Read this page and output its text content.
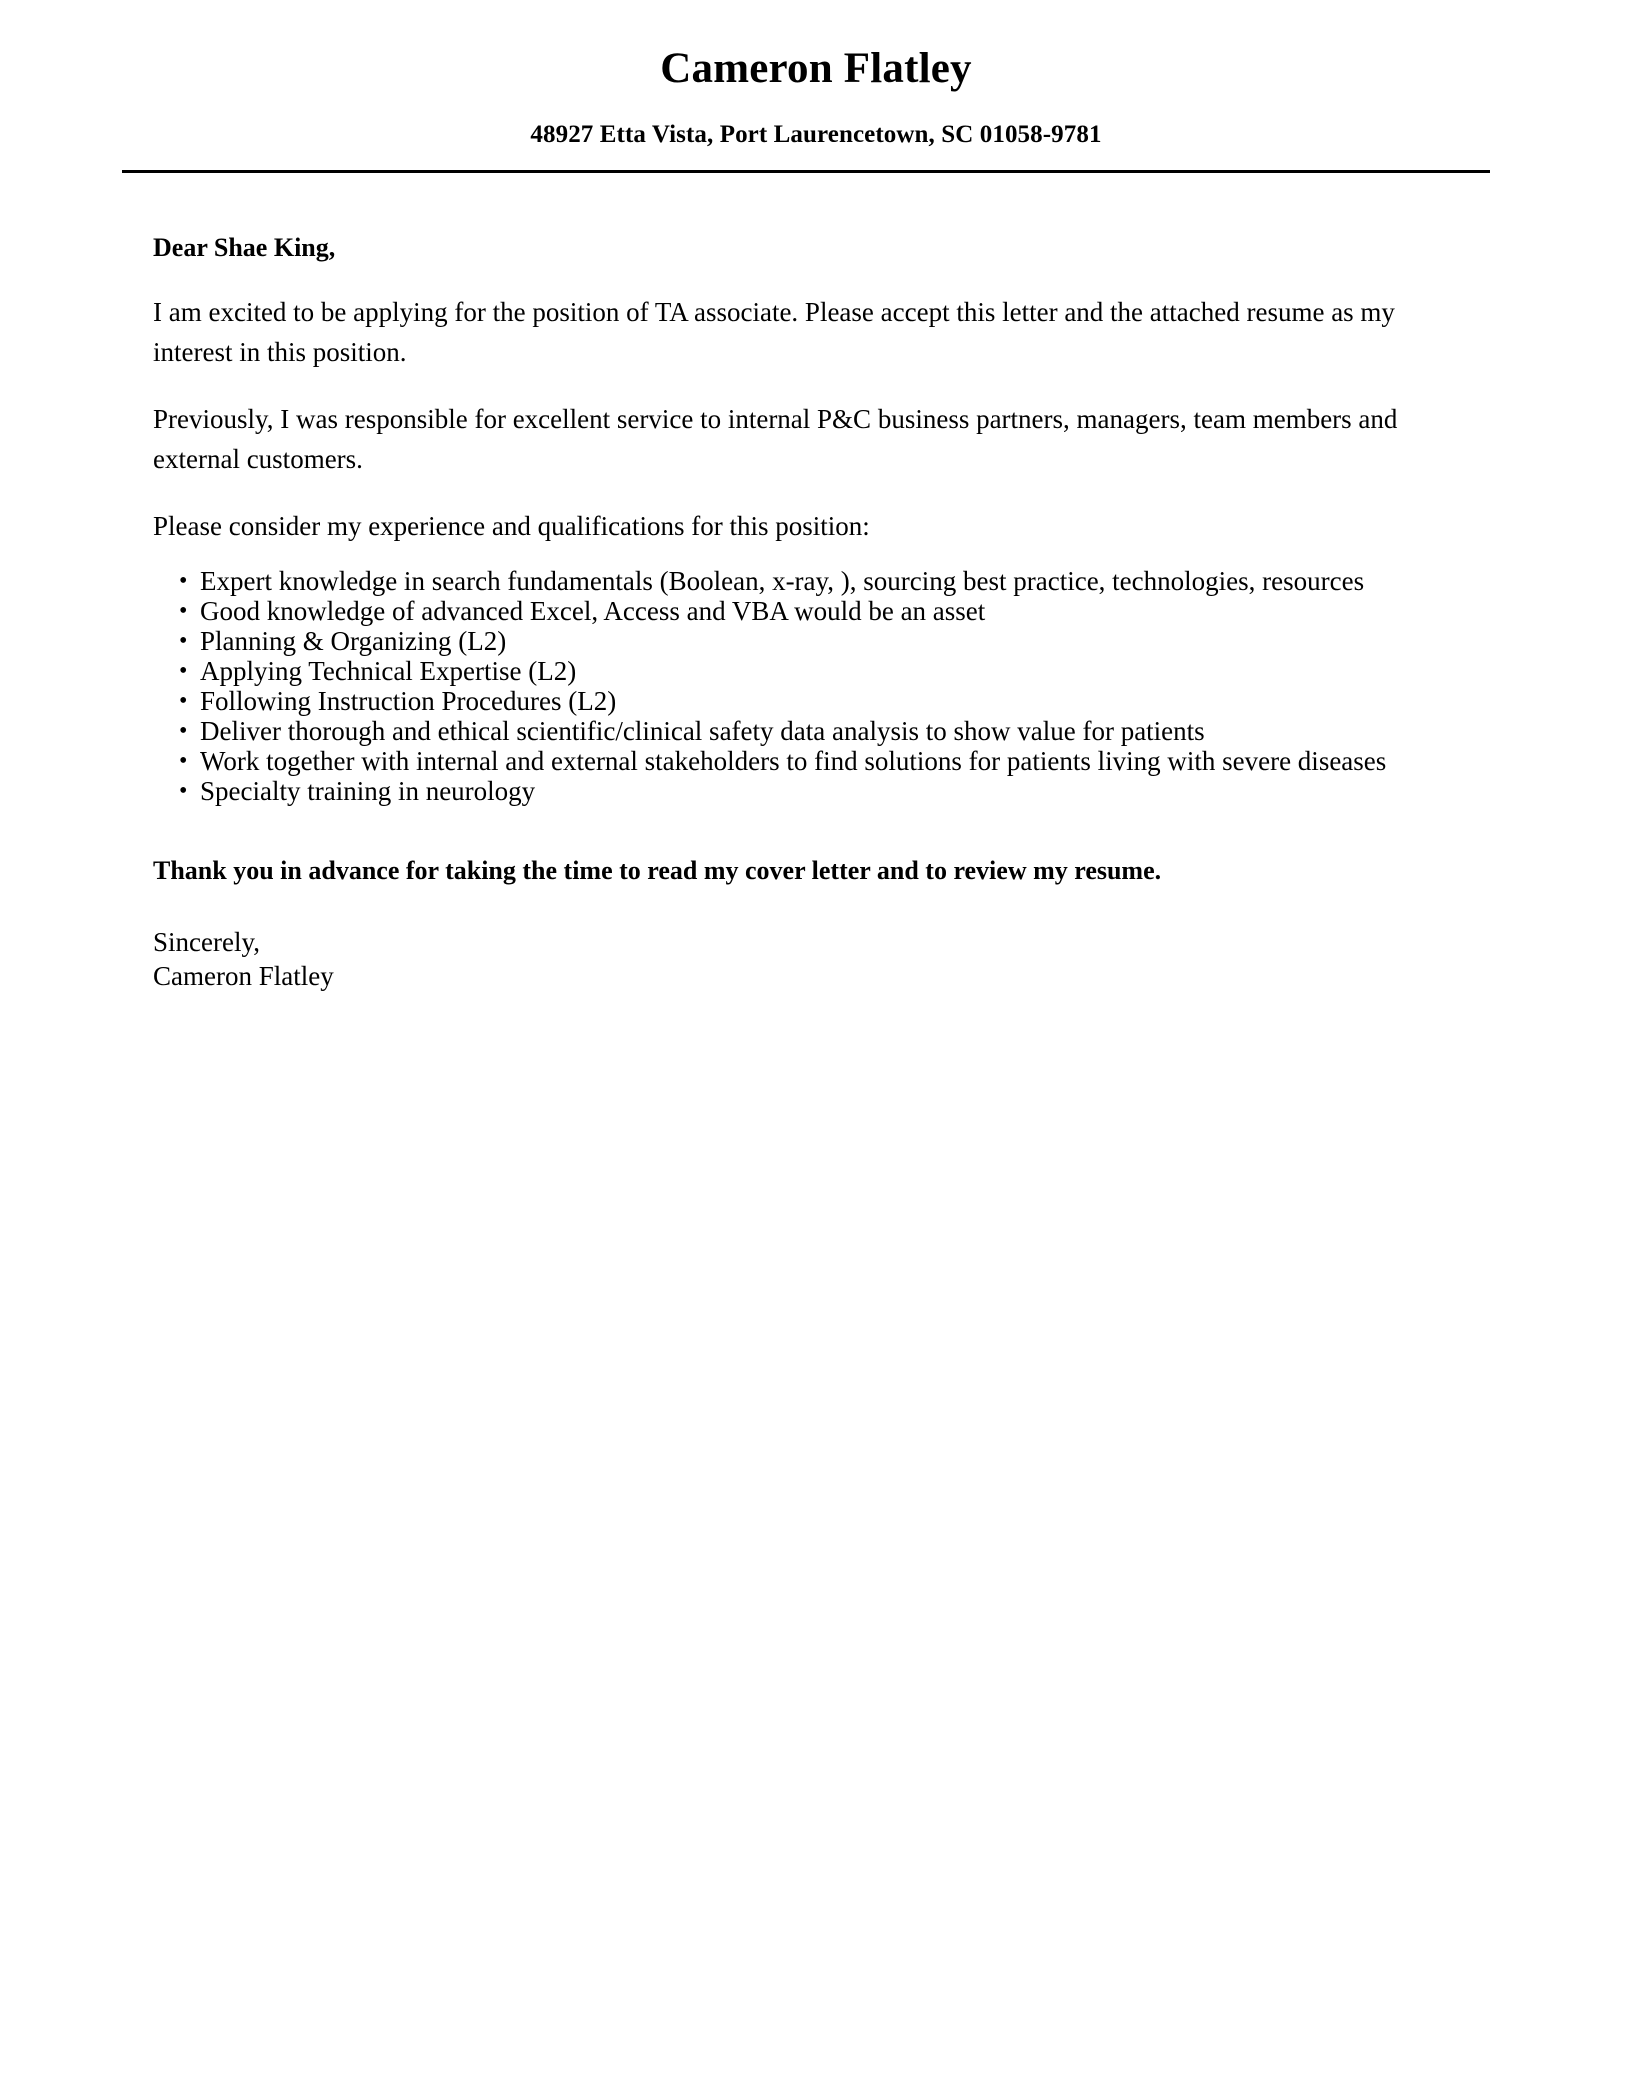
Cameron Flatley
48927 Etta Vista, Port Laurencetown, SC 01058-9781

Dear Shae King,

I am excited to be applying for the position of TA associate. Please accept this letter and the attached resume as my interest in this position.

Previously, I was responsible for excellent service to internal P&C business partners, managers, team members and external customers.

Please consider my experience and qualifications for this position:

• Expert knowledge in search fundamentals (Boolean, x-ray, ), sourcing best practice, technologies, resources
• Good knowledge of advanced Excel, Access and VBA would be an asset
• Planning & Organizing (L2)
• Applying Technical Expertise (L2)
• Following Instruction Procedures (L2)
• Deliver thorough and ethical scientific/clinical safety data analysis to show value for patients
• Work together with internal and external stakeholders to find solutions for patients living with severe diseases
• Specialty training in neurology

Thank you in advance for taking the time to read my cover letter and to review my resume.

Sincerely,
Cameron Flatley
